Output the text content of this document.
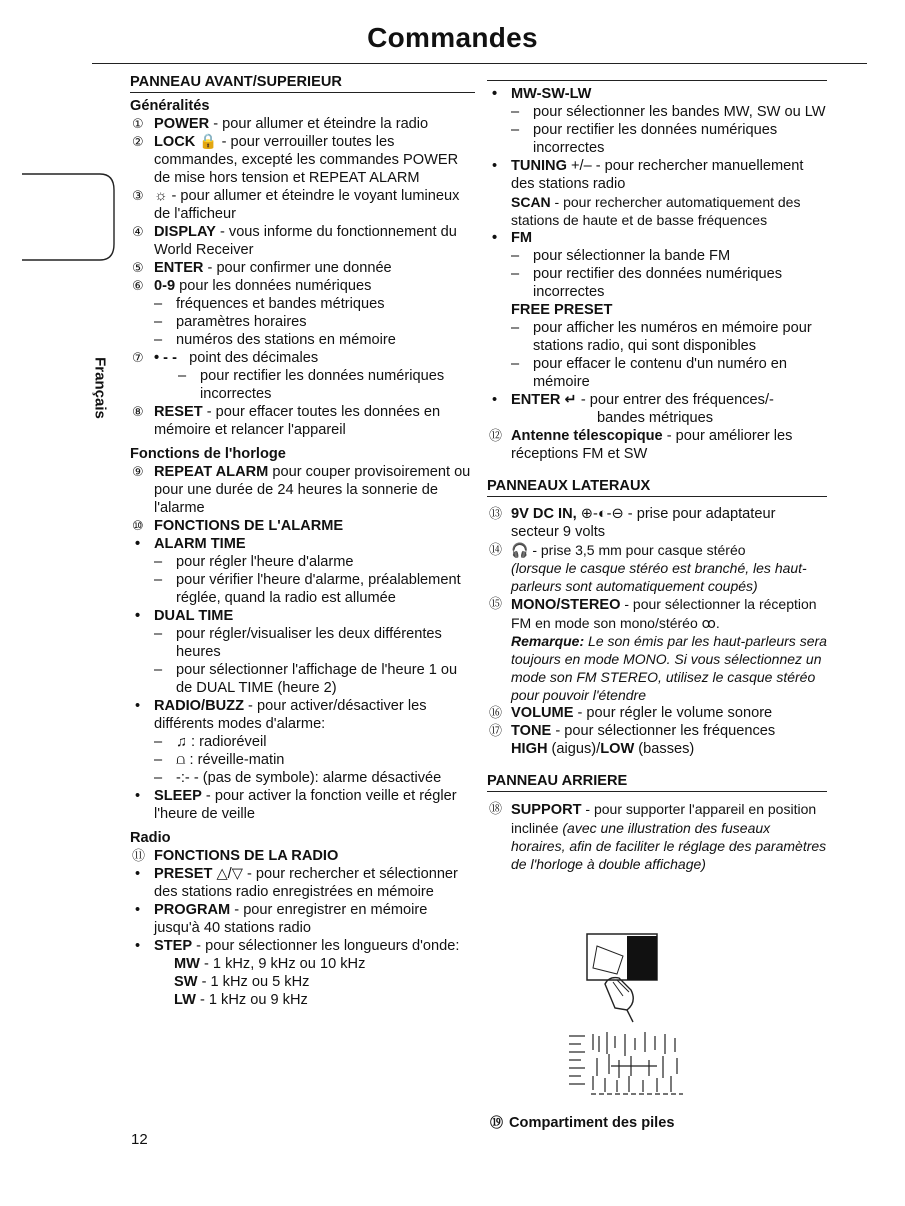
Commandes
Français
PANNEAU AVANT/SUPERIEUR
Généralités
① POWER - pour allumer et éteindre la radio
② LOCK 🔒 - pour verrouiller toutes les commandes, excepté les commandes POWER de mise hors tension et REPEAT ALARM
③ ☼ - pour allumer et éteindre le voyant lumineux de l'afficheur
④ DISPLAY - vous informe du fonctionnement du World Receiver
⑤ ENTER - pour confirmer une donnée
⑥ 0-9 pour les données numériques
– fréquences et bandes métriques
– paramètres horaires
– numéros des stations en mémoire
⑦ • - - point des décimales
– pour rectifier les données numériques incorrectes
⑧ RESET - pour effacer toutes les données en mémoire et relancer l'appareil
Fonctions de l'horloge
⑨ REPEAT ALARM pour couper provisoirement ou pour une durée de 24 heures la sonnerie de l'alarme
⑩ FONCTIONS DE L'ALARME
• ALARM TIME
– pour régler l'heure d'alarme
– pour vérifier l'heure d'alarme, préalablement réglée, quand la radio est allumée
• DUAL TIME
– pour régler/visualiser les deux différentes heures
– pour sélectionner l'affichage de l'heure 1 ou de DUAL TIME (heure 2)
• RADIO/BUZZ - pour activer/désactiver les différents modes d'alarme:
– ♫ : radioréveil
– ⩍ : réveille-matin
– -:- - (pas de symbole): alarme désactivée
• SLEEP - pour activer la fonction veille et régler l'heure de veille
Radio
⑪ FONCTIONS DE LA RADIO
• PRESET △/▽ - pour rechercher et sélectionner des stations radio enregistrées en mémoire
• PROGRAM - pour enregistrer en mémoire jusqu'à 40 stations radio
• STEP - pour sélectionner les longueurs d'onde:
MW - 1 kHz, 9 kHz ou 10 kHz
SW - 1 kHz ou 5 kHz
LW - 1 kHz ou 9 kHz
• MW-SW-LW
– pour sélectionner les bandes MW, SW ou LW
– pour rectifier les données numériques incorrectes
• TUNING +/– - pour rechercher manuellement des stations radio
SCAN - pour rechercher automatiquement des stations de haute et de basse fréquences
• FM
– pour sélectionner la bande FM
– pour rectifier des données numériques incorrectes
FREE PRESET
– pour afficher les numéros en mémoire pour stations radio, qui sont disponibles
– pour effacer le contenu d'un numéro en mémoire
• ENTER ↵ - pour entrer des fréquences/-
bandes métriques
⑫ Antenne télescopique - pour améliorer les réceptions FM et SW
PANNEAUX LATERAUX
⑬ 9V DC IN, ⊕-◐-⊖ - prise pour adaptateur secteur 9 volts
⑭ 🎧 - prise 3,5 mm pour casque stéréo
(lorsque le casque stéréo est branché, les haut-parleurs sont automatiquement coupés)
⑮ MONO/STEREO - pour sélectionner la réception FM en mode son mono/stéréo ꝏ.
Remarque: Le son émis par les haut-parleurs sera toujours en mode MONO. Si vous sélectionnez un mode son FM STEREO, utilisez le casque stéréo pour pouvoir l'étendre
⑯ VOLUME - pour régler le volume sonore
⑰ TONE - pour sélectionner les fréquences
HIGH (aigus)/LOW (basses)
PANNEAU ARRIERE
⑱ SUPPORT - pour supporter l'appareil en position inclinée (avec une illustration des fuseaux horaires, afin de faciliter le réglage des paramètres de l'horloge à double affichage)
⑲ Compartiment des piles
12
